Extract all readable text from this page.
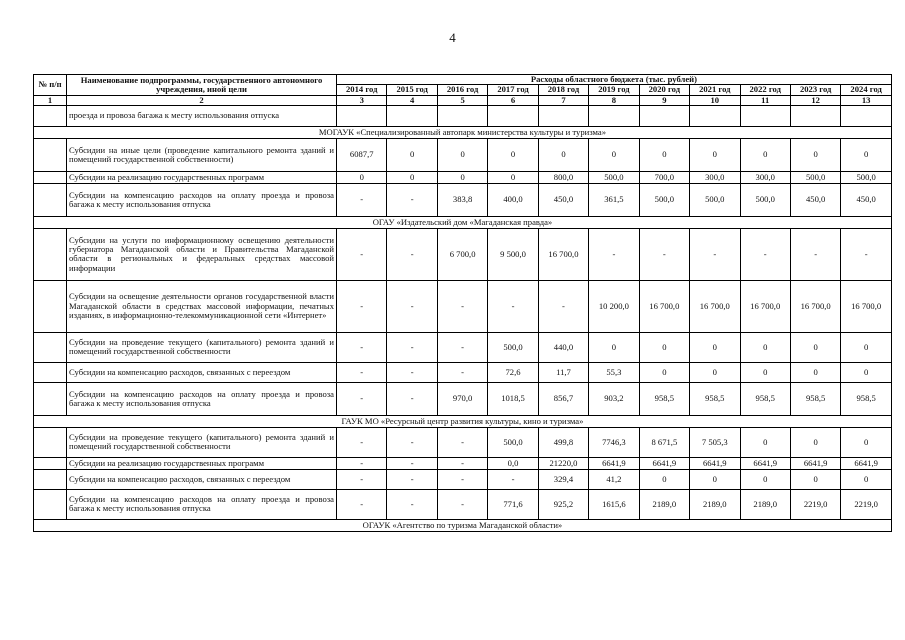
4
№ п/п	Наименование подпрограммы, государственного автономного учреждения, иной цели	Расходы областного бюджета (тыс. рублей)										
		2014 год	2015 год	2016 год	2017 год	2018 год	2019 год	2020 год	2021 год	2022 год	2023 год	2024 год
1	2	3	4	5	6	7	8	9	10	11	12	13
	проезда и провоза багажа к месту использования отпуска											
МОГАУК «Специализированный автопарк министерства культуры и туризма»												
	Субсидии на иные цели (проведение капитального ремонта зданий и помещений государственной собственности)	6087,7	0	0	0	0	0	0	0	0	0	0
	Субсидии на реализацию государственных программ	0	0	0	0	800,0	500,0	700,0	300,0	300,0	500,0	500,0
	Субсидии на компенсацию расходов на оплату проезда и провоза багажа к месту использования отпуска	-	-	383,8	400,0	450,0	361,5	500,0	500,0	500,0	450,0	450,0
ОГАУ «Издательский дом «Магаданская правда»												
	Субсидии на услуги по информационному освещению деятельности губернатора Магаданской области и Правительства Магаданской области в региональных и федеральных средствах массовой информации	-	-	6 700,0	9 500,0	16 700,0	-	-	-	-	-	-
	Субсидии на освещение деятельности органов государственной власти Магаданской области в средствах массовой информации, печатных изданиях, в информационно-телекоммуникационной сети «Интернет»	-	-	-	-	-	10 200,0	16 700,0	16 700,0	16 700,0	16 700,0	16 700,0
	Субсидии на проведение текущего (капитального) ремонта зданий и помещений государственной собственности	-	-	-	500,0	440,0	0	0	0	0	0	0
	Субсидии на компенсацию расходов, связанных с переездом	-	-	-	72,6	11,7	55,3	0	0	0	0	0
	Субсидии на компенсацию расходов на оплату проезда и провоза багажа к месту использования отпуска	-	-	970,0	1018,5	856,7	903,2	958,5	958,5	958,5	958,5	958,5
ГАУК МО «Ресурсный центр развития культуры, кино и туризма»												
	Субсидии на проведение текущего (капитального) ремонта зданий и помещений государственной собственности	-	-	-	500,0	499,8	7746,3	8 671,5	7 505,3	0	0	0
	Субсидии на реализацию государственных программ	-	-	-	0,0	21220,0	6641,9	6641,9	6641,9	6641,9	6641,9	6641,9
	Субсидии на компенсацию расходов, связанных с переездом	-	-	-	-	329,4	41,2	0	0	0	0	0
	Субсидии на компенсацию расходов на оплату проезда и провоза багажа к месту использования отпуска	-	-	-	771,6	925,2	1615,6	2189,0	2189,0	2189,0	2219,0	2219,0
ОГАУК «Агентство по туризма Магаданской области»												
